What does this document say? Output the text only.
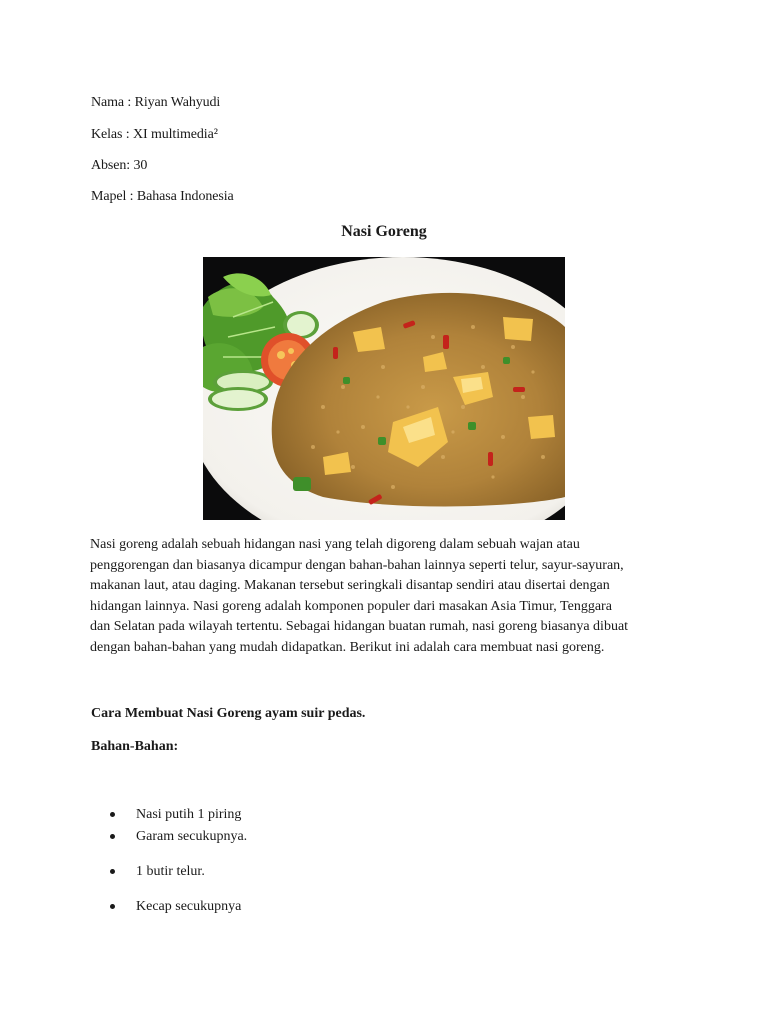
Nama : Riyan Wahyudi

Kelas : XI multimedia²

Absen: 30

Mapel : Bahasa Indonesia

Nasi Goreng

Nasi goreng adalah sebuah hidangan nasi yang telah digoreng dalam sebuah wajan atau
penggorengan dan biasanya dicampur dengan bahan-bahan lainnya seperti telur, sayur-sayuran,
makanan laut, atau daging. Makanan tersebut seringkali disantap sendiri atau disertai dengan
hidangan lainnya. Nasi goreng adalah komponen populer dari masakan Asia Timur, Tenggara
dan Selatan pada wilayah tertentu. Sebagai hidangan buatan rumah, nasi goreng biasanya dibuat
dengan bahan-bahan yang mudah didapatkan. Berikut ini adalah cara membuat nasi goreng.

Cara Membuat Nasi Goreng ayam suir pedas.

Bahan-Bahan:

Nasi putih 1 piring
Garam secukupnya.
1 butir telur.
Kecap secukupnya
